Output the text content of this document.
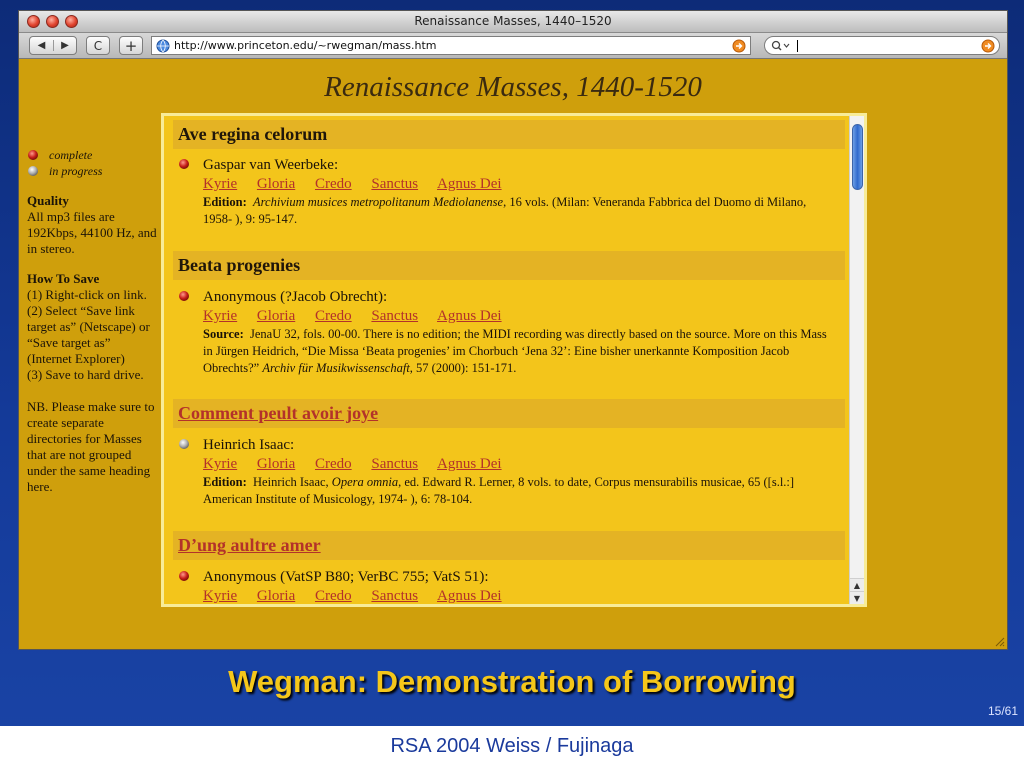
Renaissance Masses, 1440–1520
◀	▶	C	+	http://www.princeton.edu/~rwegman/mass.htm
Renaissance Masses, 1440-1520
complete
in progress
Quality

All mp3 files are 192Kbps, 44100 Hz, and in stereo.

How To Save

(1) Right-click on link.

(2) Select “Save link target as” (Netscape) or “Save target as” (Internet Explorer)

(3) Save to hard drive.

NB. Please make sure to create separate directories for Masses that are not grouped under the same heading here.

Ave regina celorum
Gaspar van Weerbeke:
Kyrie Gloria Credo Sanctus Agnus Dei
Edition: Archivium musices metropolitanum Mediolanense, 16 vols. (Milan: Veneranda Fabbrica del Duomo di Milano, 1958- ), 9: 95-147.
Beata progenies
Anonymous (?Jacob Obrecht):
Kyrie Gloria Credo Sanctus Agnus Dei
Source: JenaU 32, fols. 00-00. There is no edition; the MIDI recording was directly based on the source. More on this Mass in Jürgen Heidrich, “Die Missa ‘Beata progenies’ im Chorbuch ‘Jena 32’: Eine bisher unerkannte Komposition Jacob Obrechts?” Archiv für Musikwissenschaft, 57 (2000): 151-171.
Comment peult avoir joye
Heinrich Isaac:
Kyrie Gloria Credo Sanctus Agnus Dei
Edition: Heinrich Isaac, Opera omnia, ed. Edward R. Lerner, 8 vols. to date, Corpus mensurabilis musicae, 65 ([s.l.:] American Institute of Musicology, 1974- ), 6: 78-104.
D’ung aultre amer
Anonymous (VatSP B80; VerBC 755; VatS 51):
Kyrie Gloria Credo Sanctus Agnus Dei
▲
▼
Wegman: Demonstration of Borrowing
15/61
RSA 2004 Weiss / Fujinaga
